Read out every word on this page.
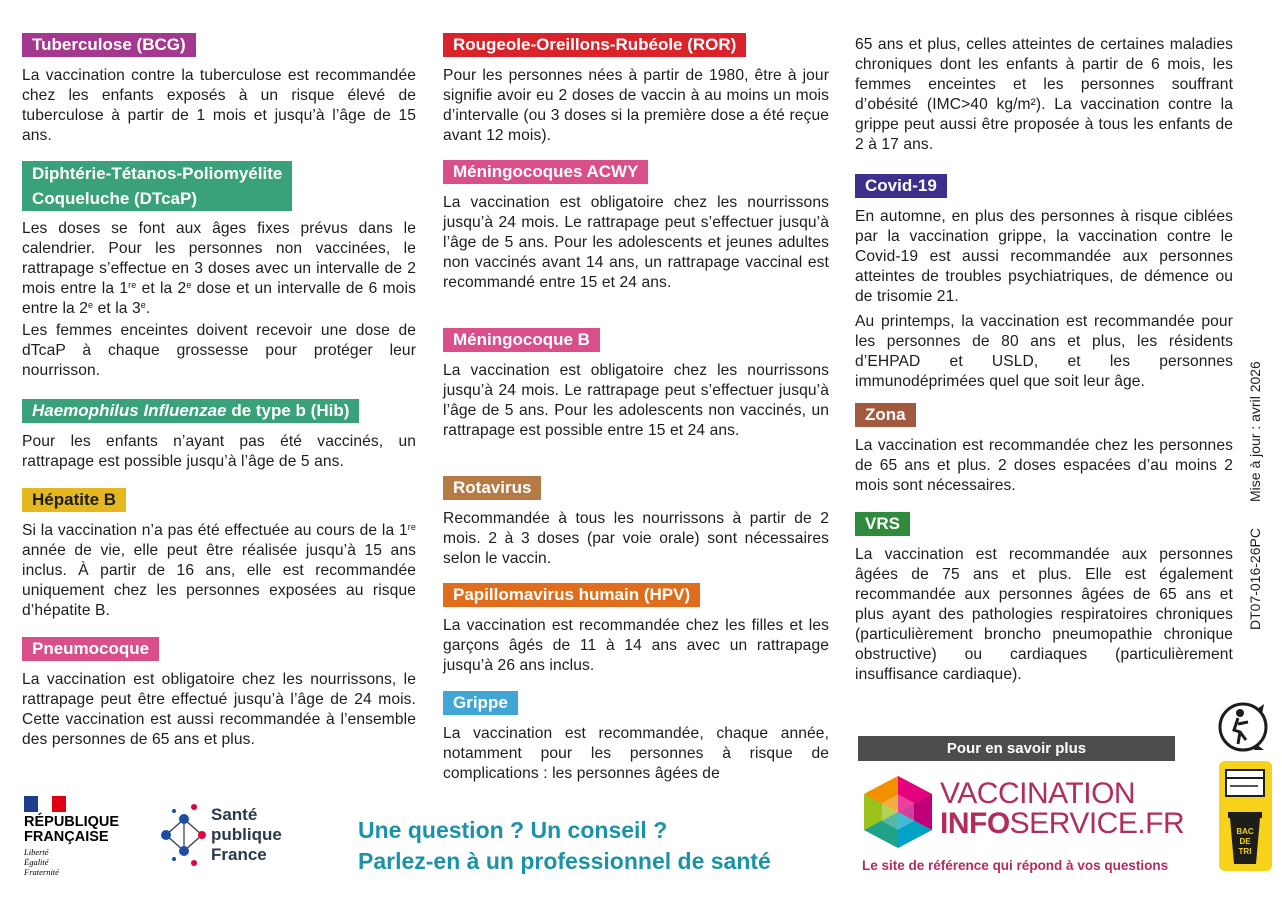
Tuberculose (BCG)
La vaccination contre la tuberculose est recommandée chez les enfants exposés à un risque élevé de tuberculose à partir de 1 mois et jusqu’à l’âge de 15 ans.
Diphtérie-Tétanos-Poliomyélite
Coqueluche (DTcaP)

Les doses se font aux âges fixes prévus dans le calendrier. Pour les personnes non vaccinées, le rattrapage s’effectue en 3 doses avec un intervalle de 2 mois entre la 1re et la 2e dose et un intervalle de 6 mois entre la 2e et la 3e.

Les femmes enceintes doivent recevoir une dose de dTcaP à chaque grossesse pour protéger leur nourrisson.

Haemophilus Influenzae de type b (Hib)
Pour les enfants n’ayant pas été vaccinés, un rattrapage est possible jusqu’à l’âge de 5 ans.
Hépatite B
Si la vaccination n’a pas été effectuée au cours de la 1re année de vie, elle peut être réalisée jusqu’à 15 ans inclus. À partir de 16 ans, elle est recommandée uniquement chez les personnes exposées au risque d’hépatite B.
Pneumocoque
La vaccination est obligatoire chez les nourrissons, le rattrapage peut être effectué jusqu’à l’âge de 24 mois. Cette vaccination est aussi recommandée à l’ensemble des personnes de 65 ans et plus.
Rougeole-Oreillons-Rubéole (ROR)
Pour les personnes nées à partir de 1980, être à jour signifie avoir eu 2 doses de vaccin à au moins un mois d’intervalle (ou 3 doses si la première dose a été reçue avant 12 mois).
Méningocoques ACWY
La vaccination est obligatoire chez les nourrissons jusqu’à 24 mois. Le rattrapage peut s’effectuer jusqu’à l’âge de 5 ans. Pour les adolescents et jeunes adultes non vaccinés avant 14 ans, un rattrapage vaccinal est recommandé entre 15 et 24 ans.
Méningocoque B
La vaccination est obligatoire chez les nourrissons jusqu’à 24 mois. Le rattrapage peut s’effectuer jusqu’à l’âge de 5 ans. Pour les adolescents non vaccinés, un rattrapage est possible entre 15 et 24 ans.
Rotavirus
Recommandée à tous les nourrissons à partir de 2 mois. 2 à 3 doses (par voie orale) sont nécessaires selon le vaccin.
Papillomavirus humain (HPV)
La vaccination est recommandée chez les filles et les garçons âgés de 11 à 14 ans avec un rattrapage jusqu’à 26 ans inclus.
Grippe
La vaccination est recommandée, chaque année, notamment pour les personnes à risque de complications : les personnes âgées de
65 ans et plus, celles atteintes de certaines maladies chroniques dont les enfants à partir de 6 mois, les femmes enceintes et les personnes souffrant d’obésité (IMC>40 kg/m²). La vaccination contre la grippe peut aussi être proposée à tous les enfants de 2 à 17 ans.
Covid-19

En automne, en plus des personnes à risque ciblées par la vaccination grippe, la vaccination contre le Covid-19 est aussi recommandée aux personnes atteintes de troubles psychiatriques, de démence ou de trisomie 21.

Au printemps, la vaccination est recommandée pour les personnes de 80 ans et plus, les résidents d’EHPAD et USLD, et les personnes immunodéprimées quel que soit leur âge.

Zona
La vaccination est recommandée chez les personnes de 65 ans et plus. 2 doses espacées d’au moins 2 mois sont nécessaires.
VRS
La vaccination est recommandée aux personnes âgées de 75 ans et plus. Elle est également recommandée aux personnes âgées de 65 ans et plus ayant des pathologies respiratoires chroniques (particulièrement broncho pneumopathie chronique obstructive) ou cardiaques (particulièrement insuffisance cardiaque).
RÉPUBLIQUE
FRANÇAISE
Liberté
Égalité
Fraternité
Santé
publique
France
Une question ? Un conseil ?
Parlez-en à un professionnel de santé
Pour en savoir plus
VACCINATION
INFOSERVICE.FR
Le site de référence qui répond à vos questions
Mise à jour : avril 2026
DT07-016-26PC
BAC
DE
TRI
